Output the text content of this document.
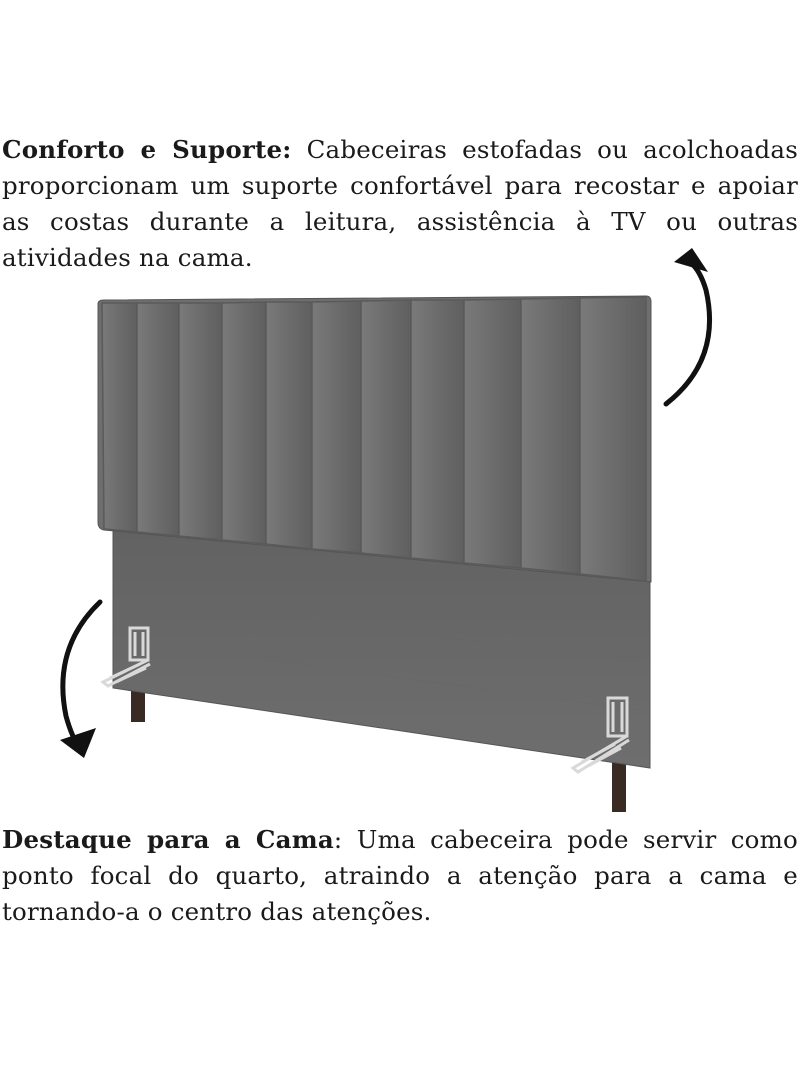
Conforto e Suporte: Cabeceiras estofadas ou acolchoadas proporcionam um suporte confortável para recostar e apoiar as costas durante a leitura, assistência à TV ou outras atividades na cama.
Destaque para a Cama: Uma cabeceira pode servir como ponto focal do quarto, atraindo a atenção para a cama e tornando-a o centro das atenções.
